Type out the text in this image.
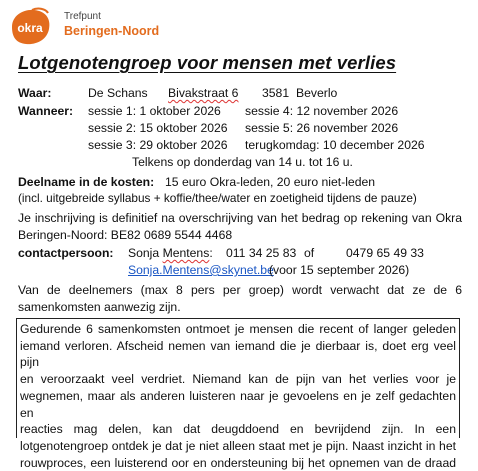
okra
Trefpunt
Beringen-Noord
Lotgenotengroep voor mensen met verlies
Waar:	De Schans Bivakstraat 6 3581 Beverlo
Wanneer: sessie 1: 1 oktober 2026
sessie 2: 15 oktober 2026
sessie 3: 29 oktober 2026
sessie 4: 12 november 2026
sessie 5: 26 november 2026
terugkomdag: 10 december 2026
Telkens op donderdag van 14 u. tot 16 u.
Deelname in de kosten: 15 euro Okra-leden, 20 euro niet-leden
(incl. uitgebreide syllabus + koffie/thee/water en zoetigheid tijdens de pauze)
Je inschrijving is definitief na overschrijving van het bedrag op rekening van Okra Beringen-Noord: BE82 0689 5544 4468
contactpersoon: Sonja Mentens: 011 34 25 83 of	0479 65 49 33
Sonja.Mentens@skynet.be
(voor 15 september 2026)
Van de deelnemers (max 8 pers per groep) wordt verwacht dat ze de 6 samenkomsten aanwezig zijn.
Gedurende 6 samenkomsten ontmoet je mensen die recent of langer geleden
iemand verloren. Afscheid nemen van iemand die je dierbaar is, doet erg veel pijn
en veroorzaakt veel verdriet. Niemand kan de pijn van het verlies voor je
wegnemen, maar als anderen luisteren naar je gevoelens en je zelf gedachten en
reacties mag delen, kan dat deugddoend en bevrijdend zijn. In een
lotgenotengroep ontdek je dat je niet alleen staat met je pijn. Naast inzicht in het
rouwproces, een luisterend oor en ondersteuning bij het opnemen van de draad
